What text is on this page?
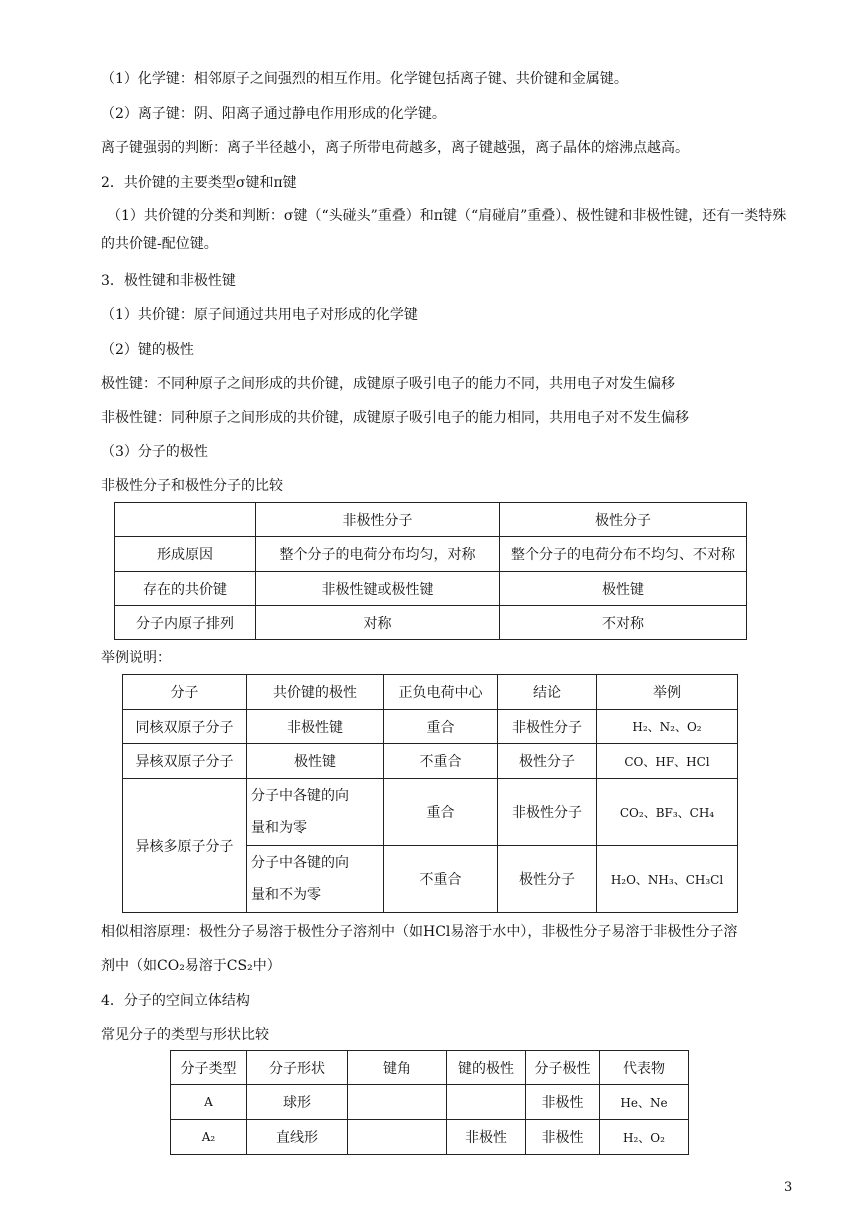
（1）化学键：相邻原子之间强烈的相互作用。化学键包括离子键、共价键和金属键。
（2）离子键：阴、阳离子通过静电作用形成的化学键。
离子键强弱的判断：离子半径越小，离子所带电荷越多，离子键越强，离子晶体的熔沸点越高。
2．共价键的主要类型σ键和π键
（1）共价键的分类和判断：σ键（“头碰头”重叠）和π键（“肩碰肩”重叠）、极性键和非极性键，还有一类特殊的共价键-配位键。
3．极性键和非极性键
（1）共价键：原子间通过共用电子对形成的化学键
（2）键的极性
极性键：不同种原子之间形成的共价键，成键原子吸引电子的能力不同，共用电子对发生偏移
非极性键：同种原子之间形成的共价键，成键原子吸引电子的能力相同，共用电子对不发生偏移
（3）分子的极性
非极性分子和极性分子的比较
	非极性分子	极性分子
形成原因	整个分子的电荷分布均匀，对称	整个分子的电荷分布不均匀、不对称
存在的共价键	非极性键或极性键	极性键
分子内原子排列	对称	不对称
举例说明：
分子	共价键的极性	正负电荷中心	结论	举例
同核双原子分子	非极性键	重合	非极性分子	H₂、N₂、O₂
异核双原子分子	极性键	不重合	极性分子	CO、HF、HCl
异核多原子分子	分子中各键的向
量和为零	重合	非极性分子	CO₂、BF₃、CH₄

	分子中各键的向
量和不为零	不重合	极性分子	H₂O、NH₃、CH₃Cl
相似相溶原理：极性分子易溶于极性分子溶剂中（如HCl易溶于水中），非极性分子易溶于非极性分子溶
剂中（如CO₂易溶于CS₂中）
4．分子的空间立体结构
常见分子的类型与形状比较
分子类型	分子形状	键角	键的极性	分子极性	代表物
A	球形			非极性	He、Ne
A₂	直线形		非极性	非极性	H₂、O₂
3
